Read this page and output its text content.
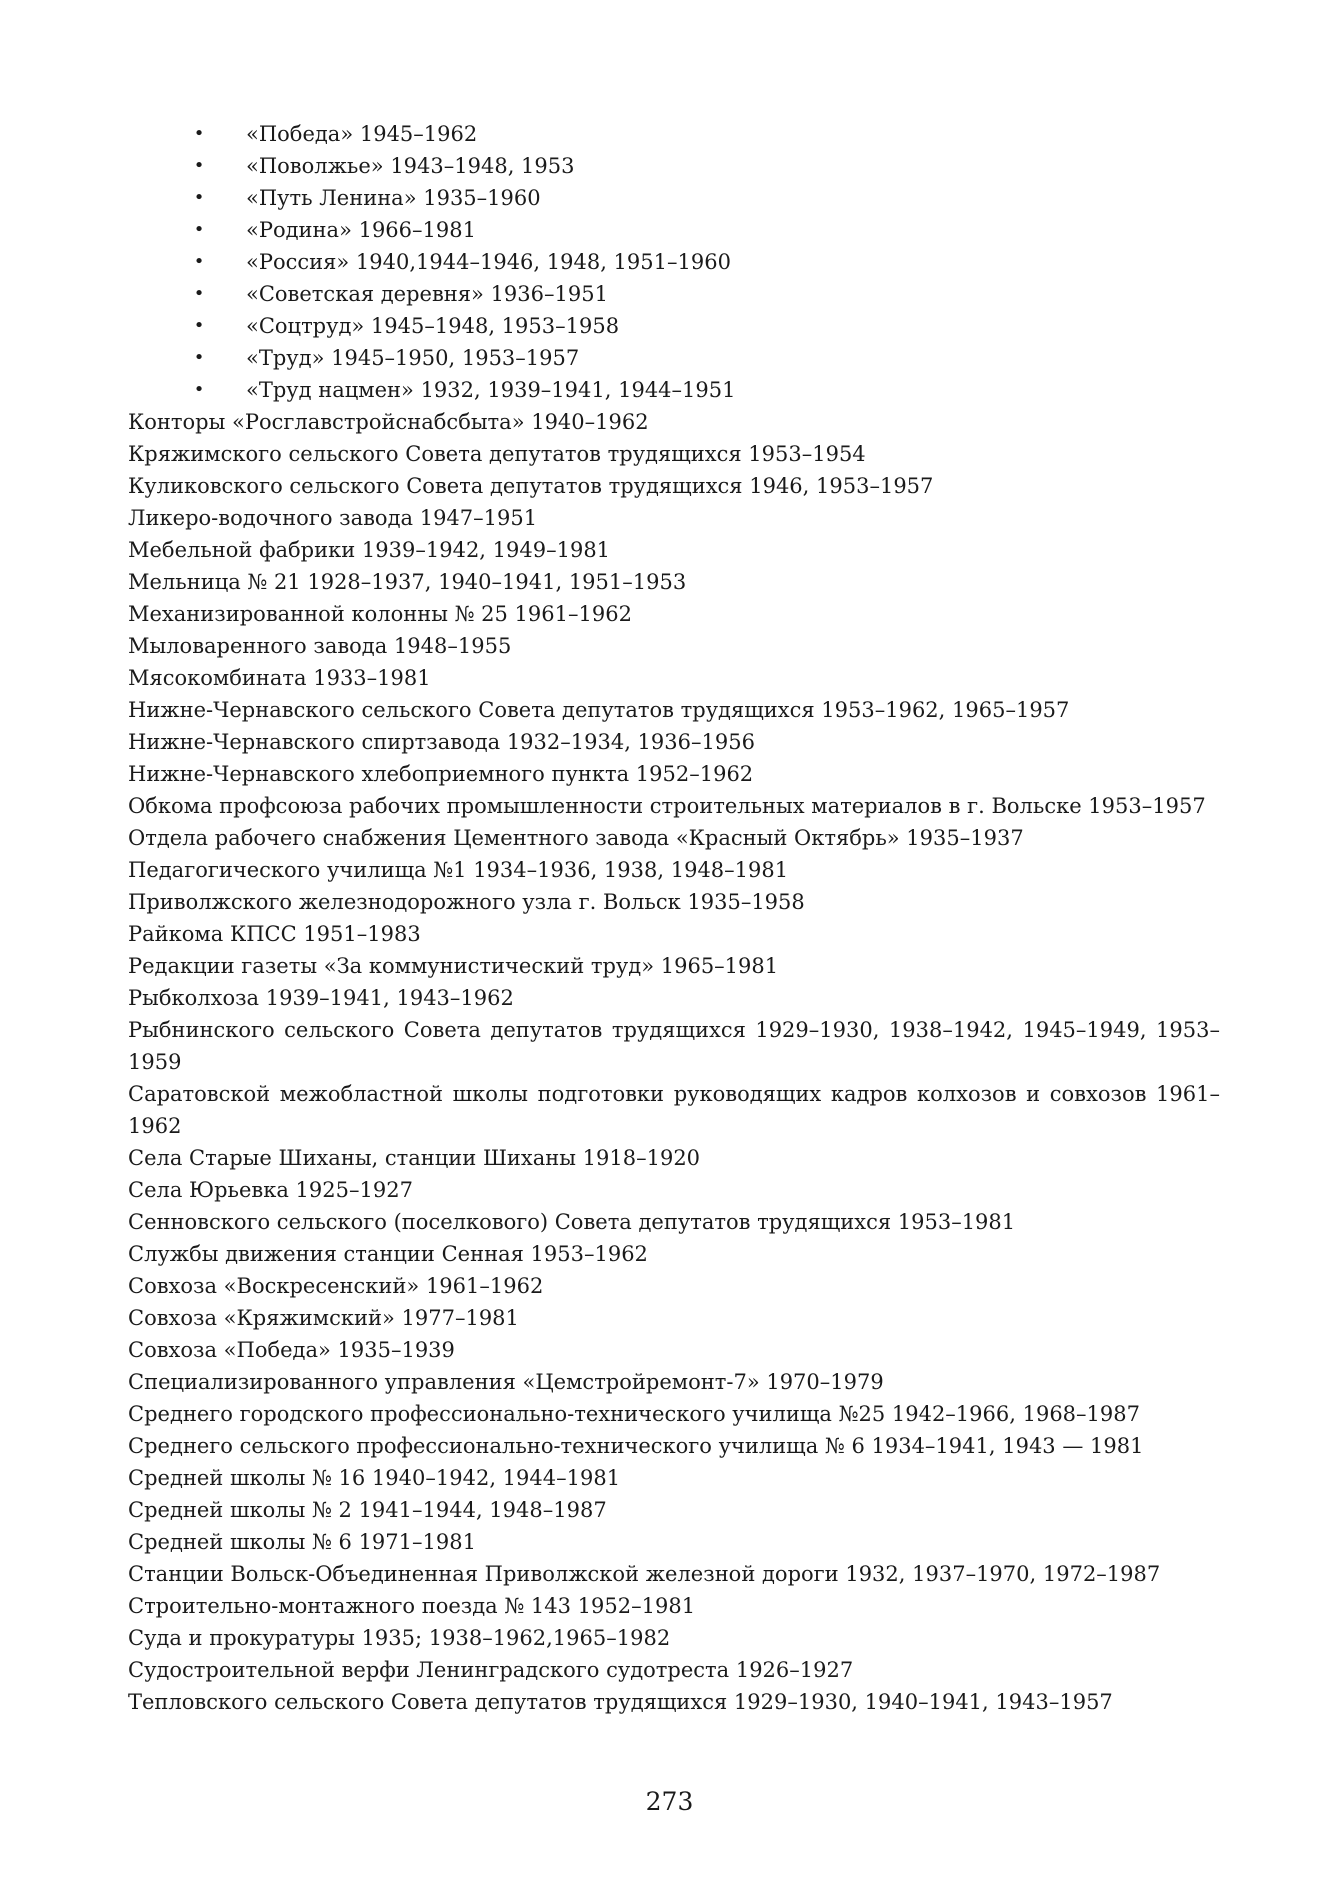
• «Победа» 1945–1962
• «Поволжье» 1943–1948, 1953
• «Путь Ленина» 1935–1960
• «Родина» 1966–1981
• «Россия» 1940,1944–1946, 1948, 1951–1960
• «Советская деревня» 1936–1951
• «Соцтруд» 1945–1948, 1953–1958
• «Труд» 1945–1950, 1953–1957
• «Труд нацмен» 1932, 1939–1941, 1944–1951

Конторы «Росглавстройснабсбыта» 1940–1962

Кряжимского сельского Совета депутатов трудящихся 1953–1954

Куликовского сельского Совета депутатов трудящихся 1946, 1953–1957

Ликеро-водочного завода 1947–1951

Мебельной фабрики 1939–1942, 1949–1981

Мельница № 21 1928–1937, 1940–1941, 1951–1953

Механизированной колонны № 25 1961–1962

Мыловаренного завода 1948–1955

Мясокомбината 1933–1981

Нижне-Чернавского сельского Совета депутатов трудящихся 1953–1962, 1965–1957

Нижне-Чернавского спиртзавода 1932–1934, 1936–1956

Нижне-Чернавского хлебоприемного пункта 1952–1962

Обкома профсоюза рабочих промышленности строительных материалов в г. Вольске 1953–1957

Отдела рабочего снабжения Цементного завода «Красный Октябрь» 1935–1937

Педагогического училища №1 1934–1936, 1938, 1948–1981

Приволжского железнодорожного узла г. Вольск 1935–1958

Райкома КПСС 1951–1983

Редакции газеты «За коммунистический труд» 1965–1981

Рыбколхоза 1939–1941, 1943–1962

Рыбнинского сельского Совета депутатов трудящихся 1929–1930, 1938–1942, 1945–1949, 1953–1959

Саратовской межобластной школы подготовки руководящих кадров колхозов и совхозов 1961–1962

Села Старые Шиханы, станции Шиханы 1918–1920

Села Юрьевка 1925–1927

Сенновского сельского (поселкового) Совета депутатов трудящихся 1953–1981

Службы движения станции Сенная 1953–1962

Совхоза «Воскресенский» 1961–1962

Совхоза «Кряжимский» 1977–1981

Совхоза «Победа» 1935–1939

Специализированного управления «Цемстройремонт-7» 1970–1979

Среднего городского профессионально-технического училища №25 1942–1966, 1968–1987

Среднего сельского профессионально-технического училища № 6 1934–1941, 1943 — 1981

Средней школы № 16 1940–1942, 1944–1981

Средней школы № 2 1941–1944, 1948–1987

Средней школы № 6 1971–1981

Станции Вольск-Объединенная Приволжской железной дороги 1932, 1937–1970, 1972–1987

Строительно-монтажного поезда № 143 1952–1981

Суда и прокуратуры 1935; 1938–1962,1965–1982

Судостроительной верфи Ленинградского судотреста 1926–1927

Тепловского сельского Совета депутатов трудящихся 1929–1930, 1940–1941, 1943–1957

273
